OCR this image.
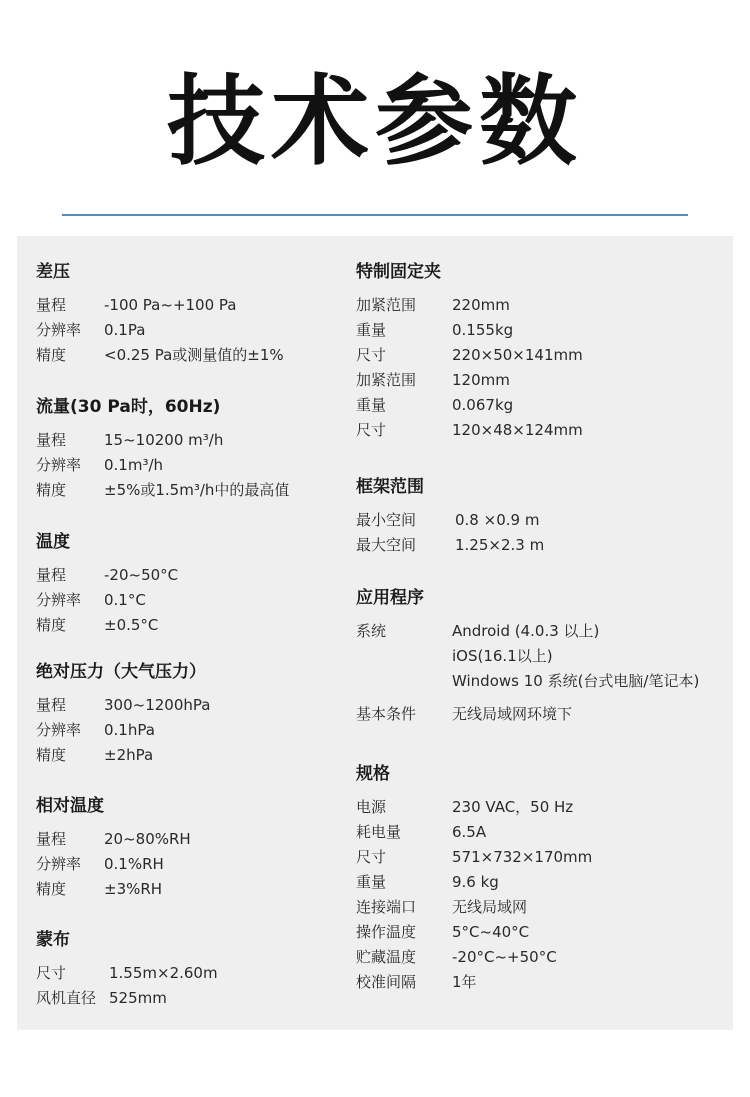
技术参数
差压
量程	-100 Pa~+100 Pa
分辨率	0.1Pa
精度	<0.25 Pa或测量值的±1%
流量(30 Pa时，60Hz)
量程	15~10200 m³/h
分辨率	0.1m³/h
精度	±5%或1.5m³/h中的最高值
温度
量程	-20~50°C
分辨率	0.1°C
精度	±0.5°C
绝对压力（大气压力）
量程	300~1200hPa
分辨率	0.1hPa
精度	±2hPa
相对温度
量程	20~80%RH
分辨率	0.1%RH
精度	±3%RH
蒙布
尺寸	1.55m×2.60m
风机直径 525mm
特制固定夹
加紧范围	220mm
重量	0.155kg
尺寸	220×50×141mm
加紧范围	120mm
重量	0.067kg
尺寸	120×48×124mm
框架范围
最小空间	0.8 ×0.9 m
最大空间	1.25×2.3 m
应用程序
系统	Android (4.0.3 以上)
iOS(16.1以上)
Windows 10 系统(台式电脑/笔记本)
基本条件	无线局域网环境下
规格
电源	230 VAC，50 Hz
耗电量	6.5A
尺寸	571×732×170mm
重量	9.6 kg
连接端口	无线局域网
操作温度	5°C~40°C
贮藏温度	-20°C~+50°C
校准间隔	1年
